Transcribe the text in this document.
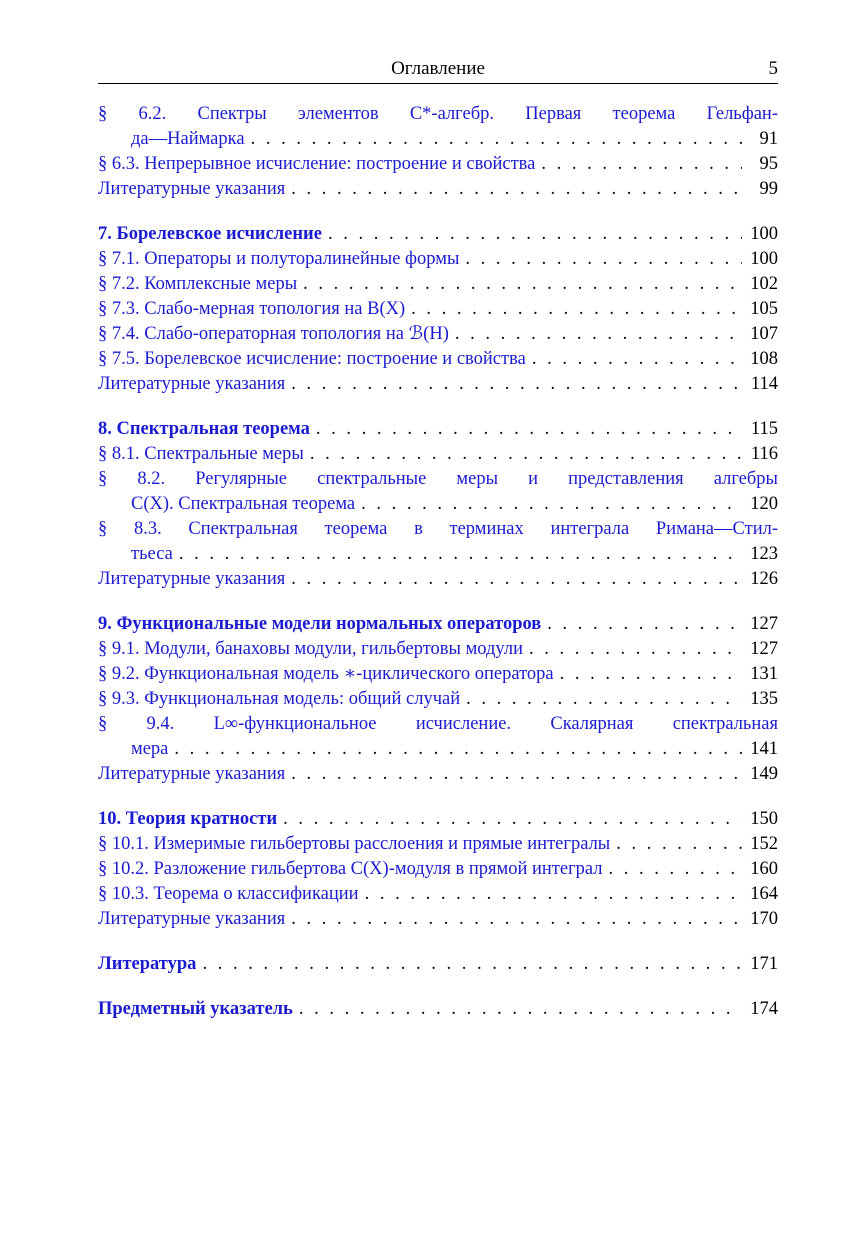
Оглавление	5
§ 6.2. Спектры элементов C*-алгебр. Первая теорема Гельфан-
да—Наймарка . . .	91
§ 6.3. Непрерывное исчисление: построение и свойства . . .	95
Литературные указания . . .	99
7. Борелевское исчисление . . .	100
§ 7.1. Операторы и полуторалинейные формы . . .	100
§ 7.2. Комплексные меры . . .	102
§ 7.3. Слабо-мерная топология на B(X) . . .	105
§ 7.4. Слабо-операторная топология на ℬ(H) . . .	107
§ 7.5. Борелевское исчисление: построение и свойства . . .	108
Литературные указания . . .	114
8. Спектральная теорема . . .	115
§ 8.1. Спектральные меры . . .	116
§ 8.2. Регулярные спектральные меры и представления алгебры
C(X). Спектральная теорема . . .	120
§ 8.3. Спектральная теорема в терминах интеграла Римана—Стил-
тьеса . . .	123
Литературные указания . . .	126
9. Функциональные модели нормальных операторов . . .	127
§ 9.1. Модули, банаховы модули, гильбертовы модули . . .	127
§ 9.2. Функциональная модель ∗-циклического оператора . . .	131
§ 9.3. Функциональная модель: общий случай . . .	135
§ 9.4. L∞-функциональное исчисление. Скалярная спектральная
мера . . .	141
Литературные указания . . .	149
10. Теория кратности . . .	150
§ 10.1. Измеримые гильбертовы расслоения и прямые интегралы . . .	152
§ 10.2. Разложение гильбертова C(X)-модуля в прямой интеграл . . .	160
§ 10.3. Теорема о классификации . . .	164
Литературные указания . . .	170
Литература . . .	171
Предметный указатель . . .	174
